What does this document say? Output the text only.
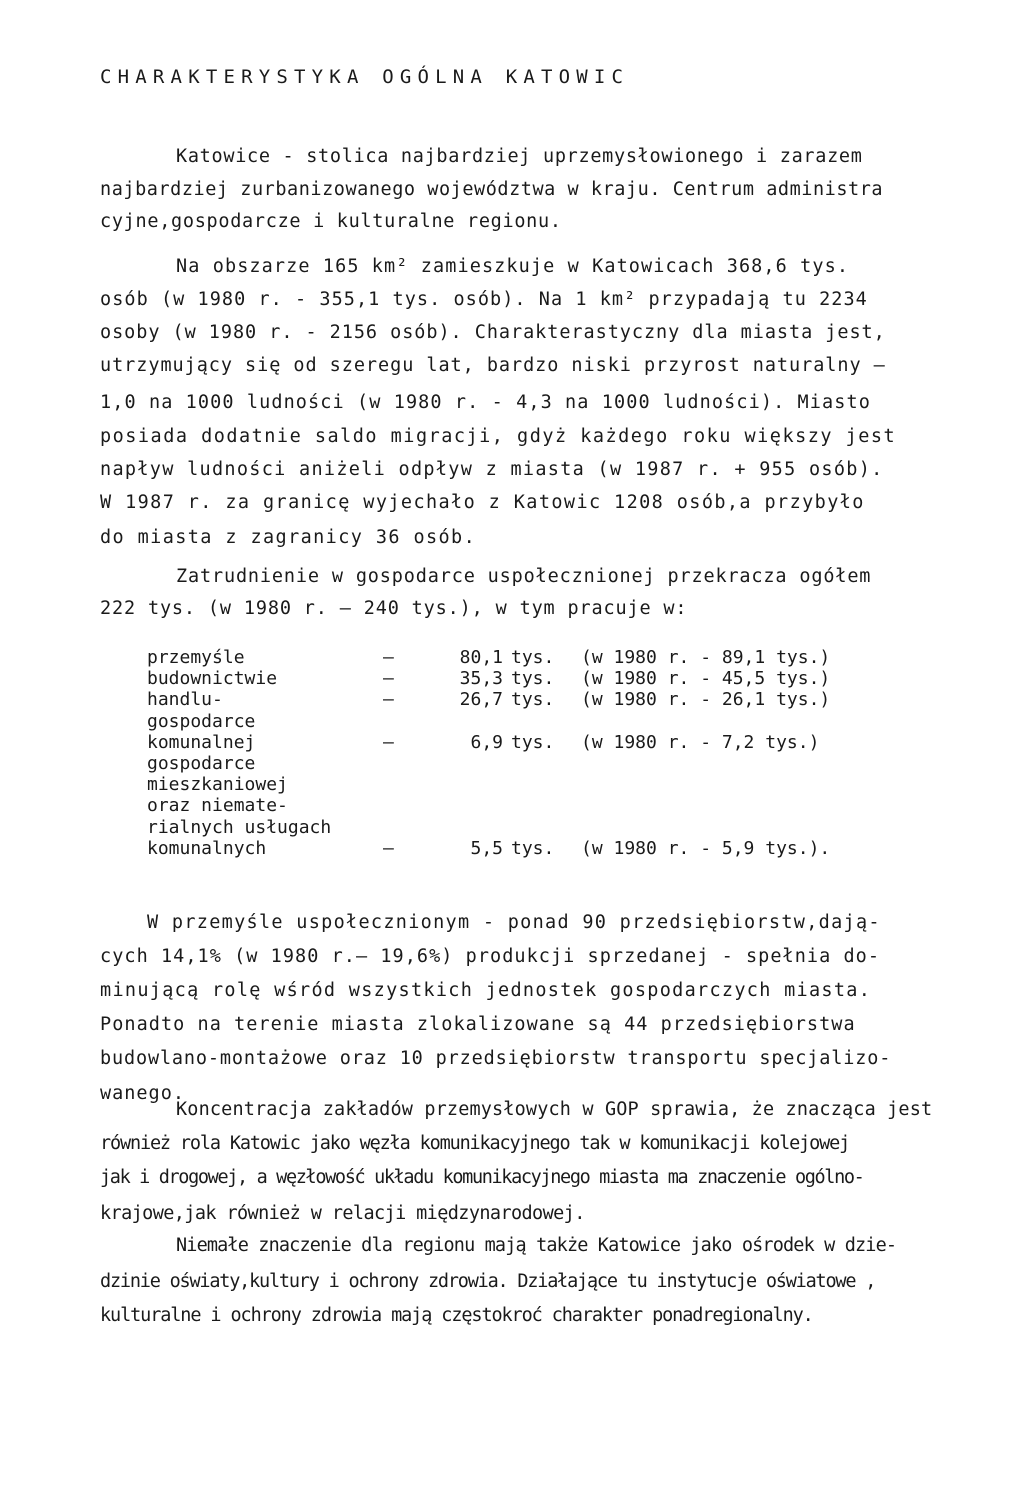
CHARAKTERYSTYKA OGÓLNA KATOWIC
Katowice - stolica najbardziej uprzemysłowionego i zarazem
najbardziej zurbanizowanego województwa w kraju. Centrum administra
cyjne,gospodarcze i kulturalne regionu.
Na obszarze 165 km² zamieszkuje w Katowicach 368,6 tys.
osób (w 1980 r. - 355,1 tys. osób). Na 1 km² przypadają tu 2234
osoby (w 1980 r. - 2156 osób). Charakterastyczny dla miasta jest,
utrzymujący się od szeregu lat, bardzo niski przyrost naturalny —
1,0 na 1000 ludności (w 1980 r. - 4,3 na 1000 ludności). Miasto
posiada dodatnie saldo migracji, gdyż każdego roku większy jest
napływ ludności aniżeli odpływ z miasta (w 1987 r. + 955 osób).
W 1987 r. za granicę wyjechało z Katowic 1208 osób,a przybyło
do miasta z zagranicy 36 osób.
Zatrudnienie w gospodarce uspołecznionej przekracza ogółem
222 tys. (w 1980 r. — 240 tys.), w tym pracuje w:
przemyśle	—	80,1	tys.	(w 1980 r. - 89,1 tys.)
budownictwie	—	35,3	tys.	(w 1980 r. - 45,5 tys.)
handlu-	—	26,7	tys.	(w 1980 r. - 26,1 tys.)
gospodarce				
komunalnej	—	6,9	tys.	(w 1980 r. - 7,2 tys.)
gospodarce				
mieszkaniowej				
oraz niemate-				
rialnych usługach				
komunalnych	—	5,5	tys.	(w 1980 r. - 5,9 tys.).
W przemyśle uspołecznionym - ponad 90 przedsiębiorstw,dają-
cych 14,1% (w 1980 r.— 19,6%) produkcji sprzedanej - spełnia do-
minującą rolę wśród wszystkich jednostek gospodarczych miasta.
Ponadto na terenie miasta zlokalizowane są 44 przedsiębiorstwa
budowlano-montażowe oraz 10 przedsiębiorstw transportu specjalizo-
wanego.
Koncentracja zakładów przemysłowych w GOP sprawia, że znacząca jest
również rola Katowic jako węzła komunikacyjnego tak w komunikacji kolejowej
jak i drogowej, a węzłowość układu komunikacyjnego miasta ma znaczenie ogólno-
krajowe,jak również w relacji międzynarodowej.
Niemałe znaczenie dla regionu mają także Katowice jako ośrodek w dzie-
dzinie oświaty,kultury i ochrony zdrowia. Działające tu instytucje oświatowe ,
kulturalne i ochrony zdrowia mają częstokroć charakter ponadregionalny.
